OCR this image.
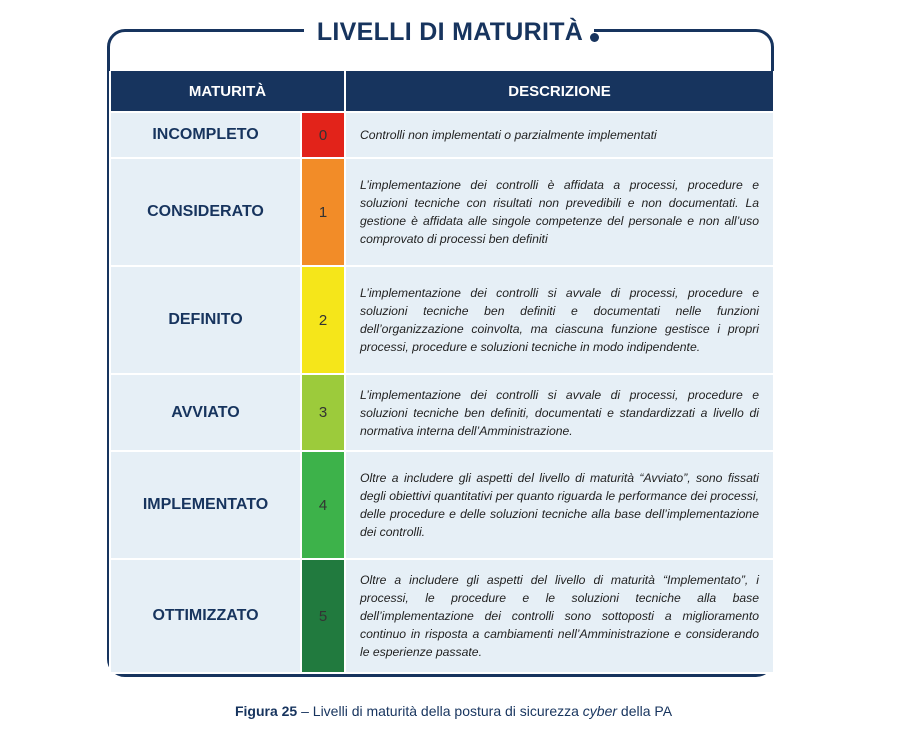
LIVELLI DI MATURITÀ
MATURITÀ		DESCRIZIONE
INCOMPLETO	0	Controlli non implementati o parzialmente implementati
CONSIDERATO	1	L’implementazione dei controlli è affidata a processi, procedure e soluzioni tecniche con risultati non prevedibili e non documentati. La gestione è affidata alle singole competenze del personale e non all’uso comprovato di processi ben definiti
DEFINITO	2	L’implementazione dei controlli si avvale di processi, procedure e soluzioni tecniche ben definiti e documentati nelle funzioni dell’organizzazione coinvolta, ma ciascuna funzione gestisce i propri processi, procedure e soluzioni tecniche in modo indipendente.
AVVIATO	3	L’implementazione dei controlli si avvale di processi, procedure e soluzioni tecniche ben definiti, documentati e standardizzati a livello di normativa interna dell’Amministrazione.
IMPLEMENTATO	4	Oltre a includere gli aspetti del livello di maturità “Avviato”, sono fissati degli obiettivi quantitativi per quanto riguarda le performance dei processi, delle procedure e delle soluzioni tecniche alla base dell’implementazione dei controlli.
OTTIMIZZATO	5	Oltre a includere gli aspetti del livello di maturità “Implementato”, i processi, le procedure e le soluzioni tecniche alla base dell’implementazione dei controlli sono sottoposti a miglioramento continuo in risposta a cambiamenti nell’Amministrazione e considerando le esperienze passate.
Figura 25 – Livelli di maturità della postura di sicurezza cyber della PA
